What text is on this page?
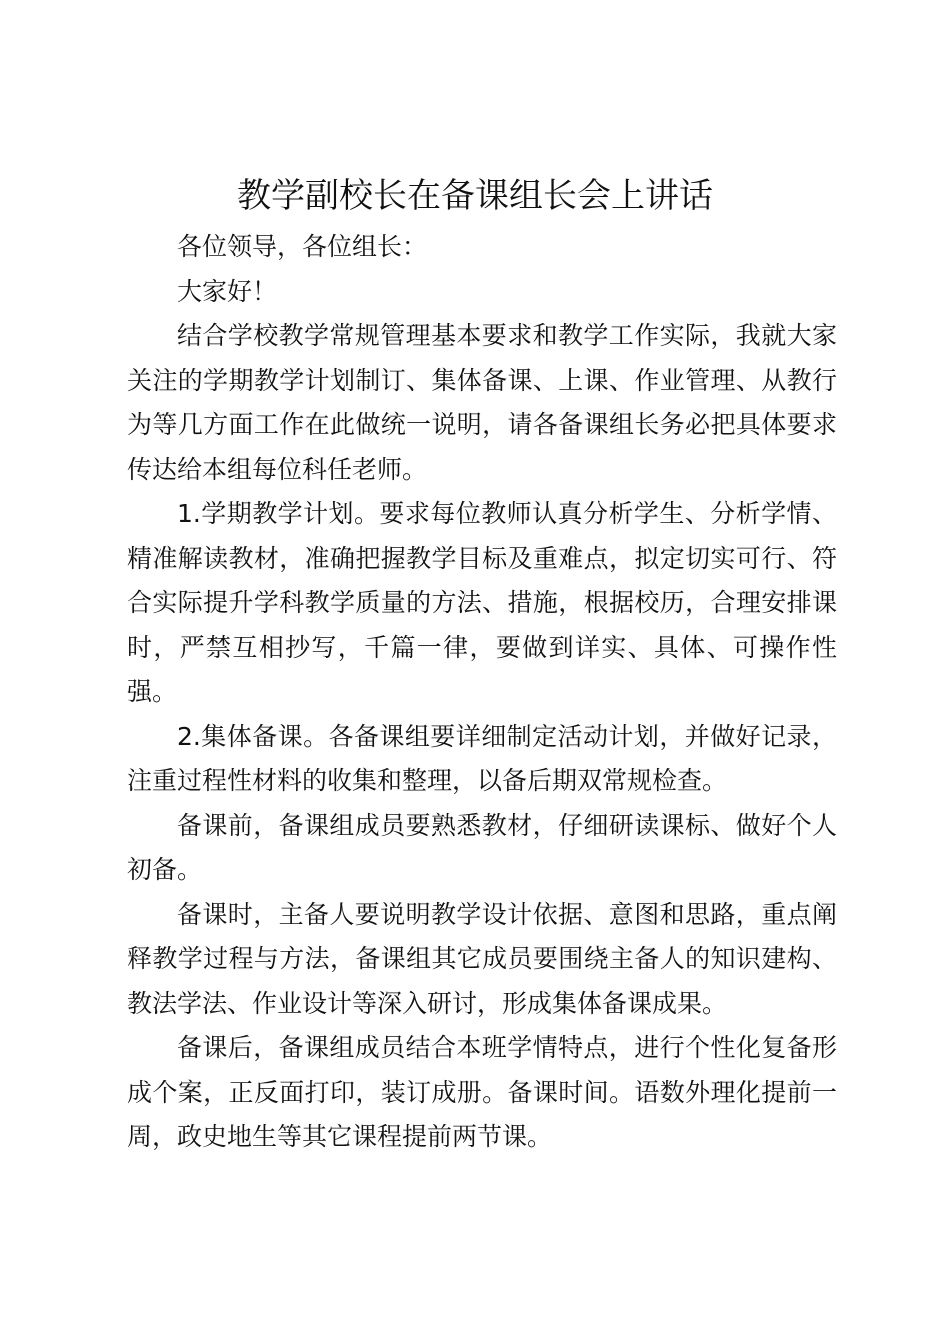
教学副校长在备课组长会上讲话

各位领导，各位组长：

大家好！

结合学校教学常规管理基本要求和教学工作实际，我就大家关注的学期教学计划制订、集体备课、上课、作业管理、从教行为等几方面工作在此做统一说明，请各备课组长务必把具体要求传达给本组每位科任老师。

1.学期教学计划。要求每位教师认真分析学生、分析学情、精准解读教材，准确把握教学目标及重难点，拟定切实可行、符合实际提升学科教学质量的方法、措施，根据校历，合理安排课时，严禁互相抄写，千篇一律，要做到详实、具体、可操作性强。

2.集体备课。各备课组要详细制定活动计划，并做好记录，注重过程性材料的收集和整理，以备后期双常规检查。

备课前，备课组成员要熟悉教材，仔细研读课标、做好个人初备。

备课时，主备人要说明教学设计依据、意图和思路，重点阐释教学过程与方法，备课组其它成员要围绕主备人的知识建构、教法学法、作业设计等深入研讨，形成集体备课成果。

备课后，备课组成员结合本班学情特点，进行个性化复备形成个案，正反面打印，装订成册。备课时间。语数外理化提前一周，政史地生等其它课程提前两节课。
